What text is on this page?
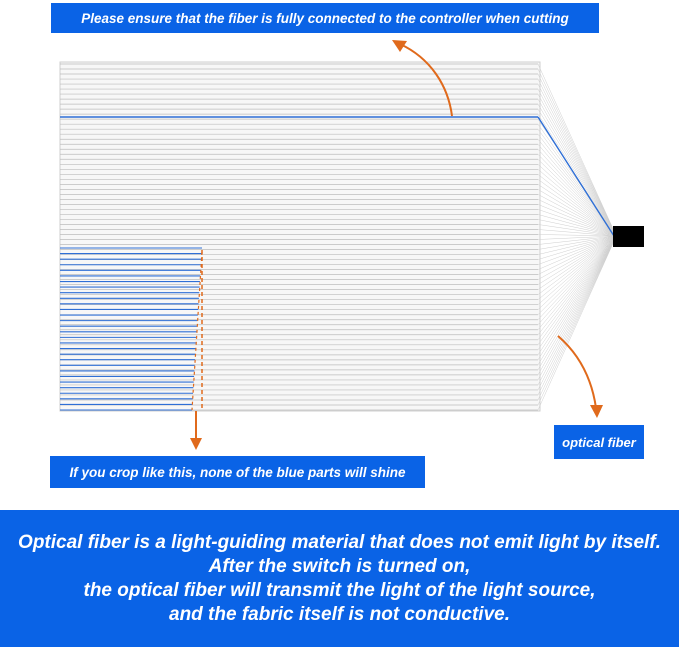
Please ensure that the fiber is fully connected to the controller when cutting
If you crop like this, none of the blue parts will shine
optical fiber
Optical fiber is a light-guiding material that does not emit light by itself.
After the switch is turned on,
the optical fiber will transmit the light of the light source,
and the fabric itself is not conductive.
